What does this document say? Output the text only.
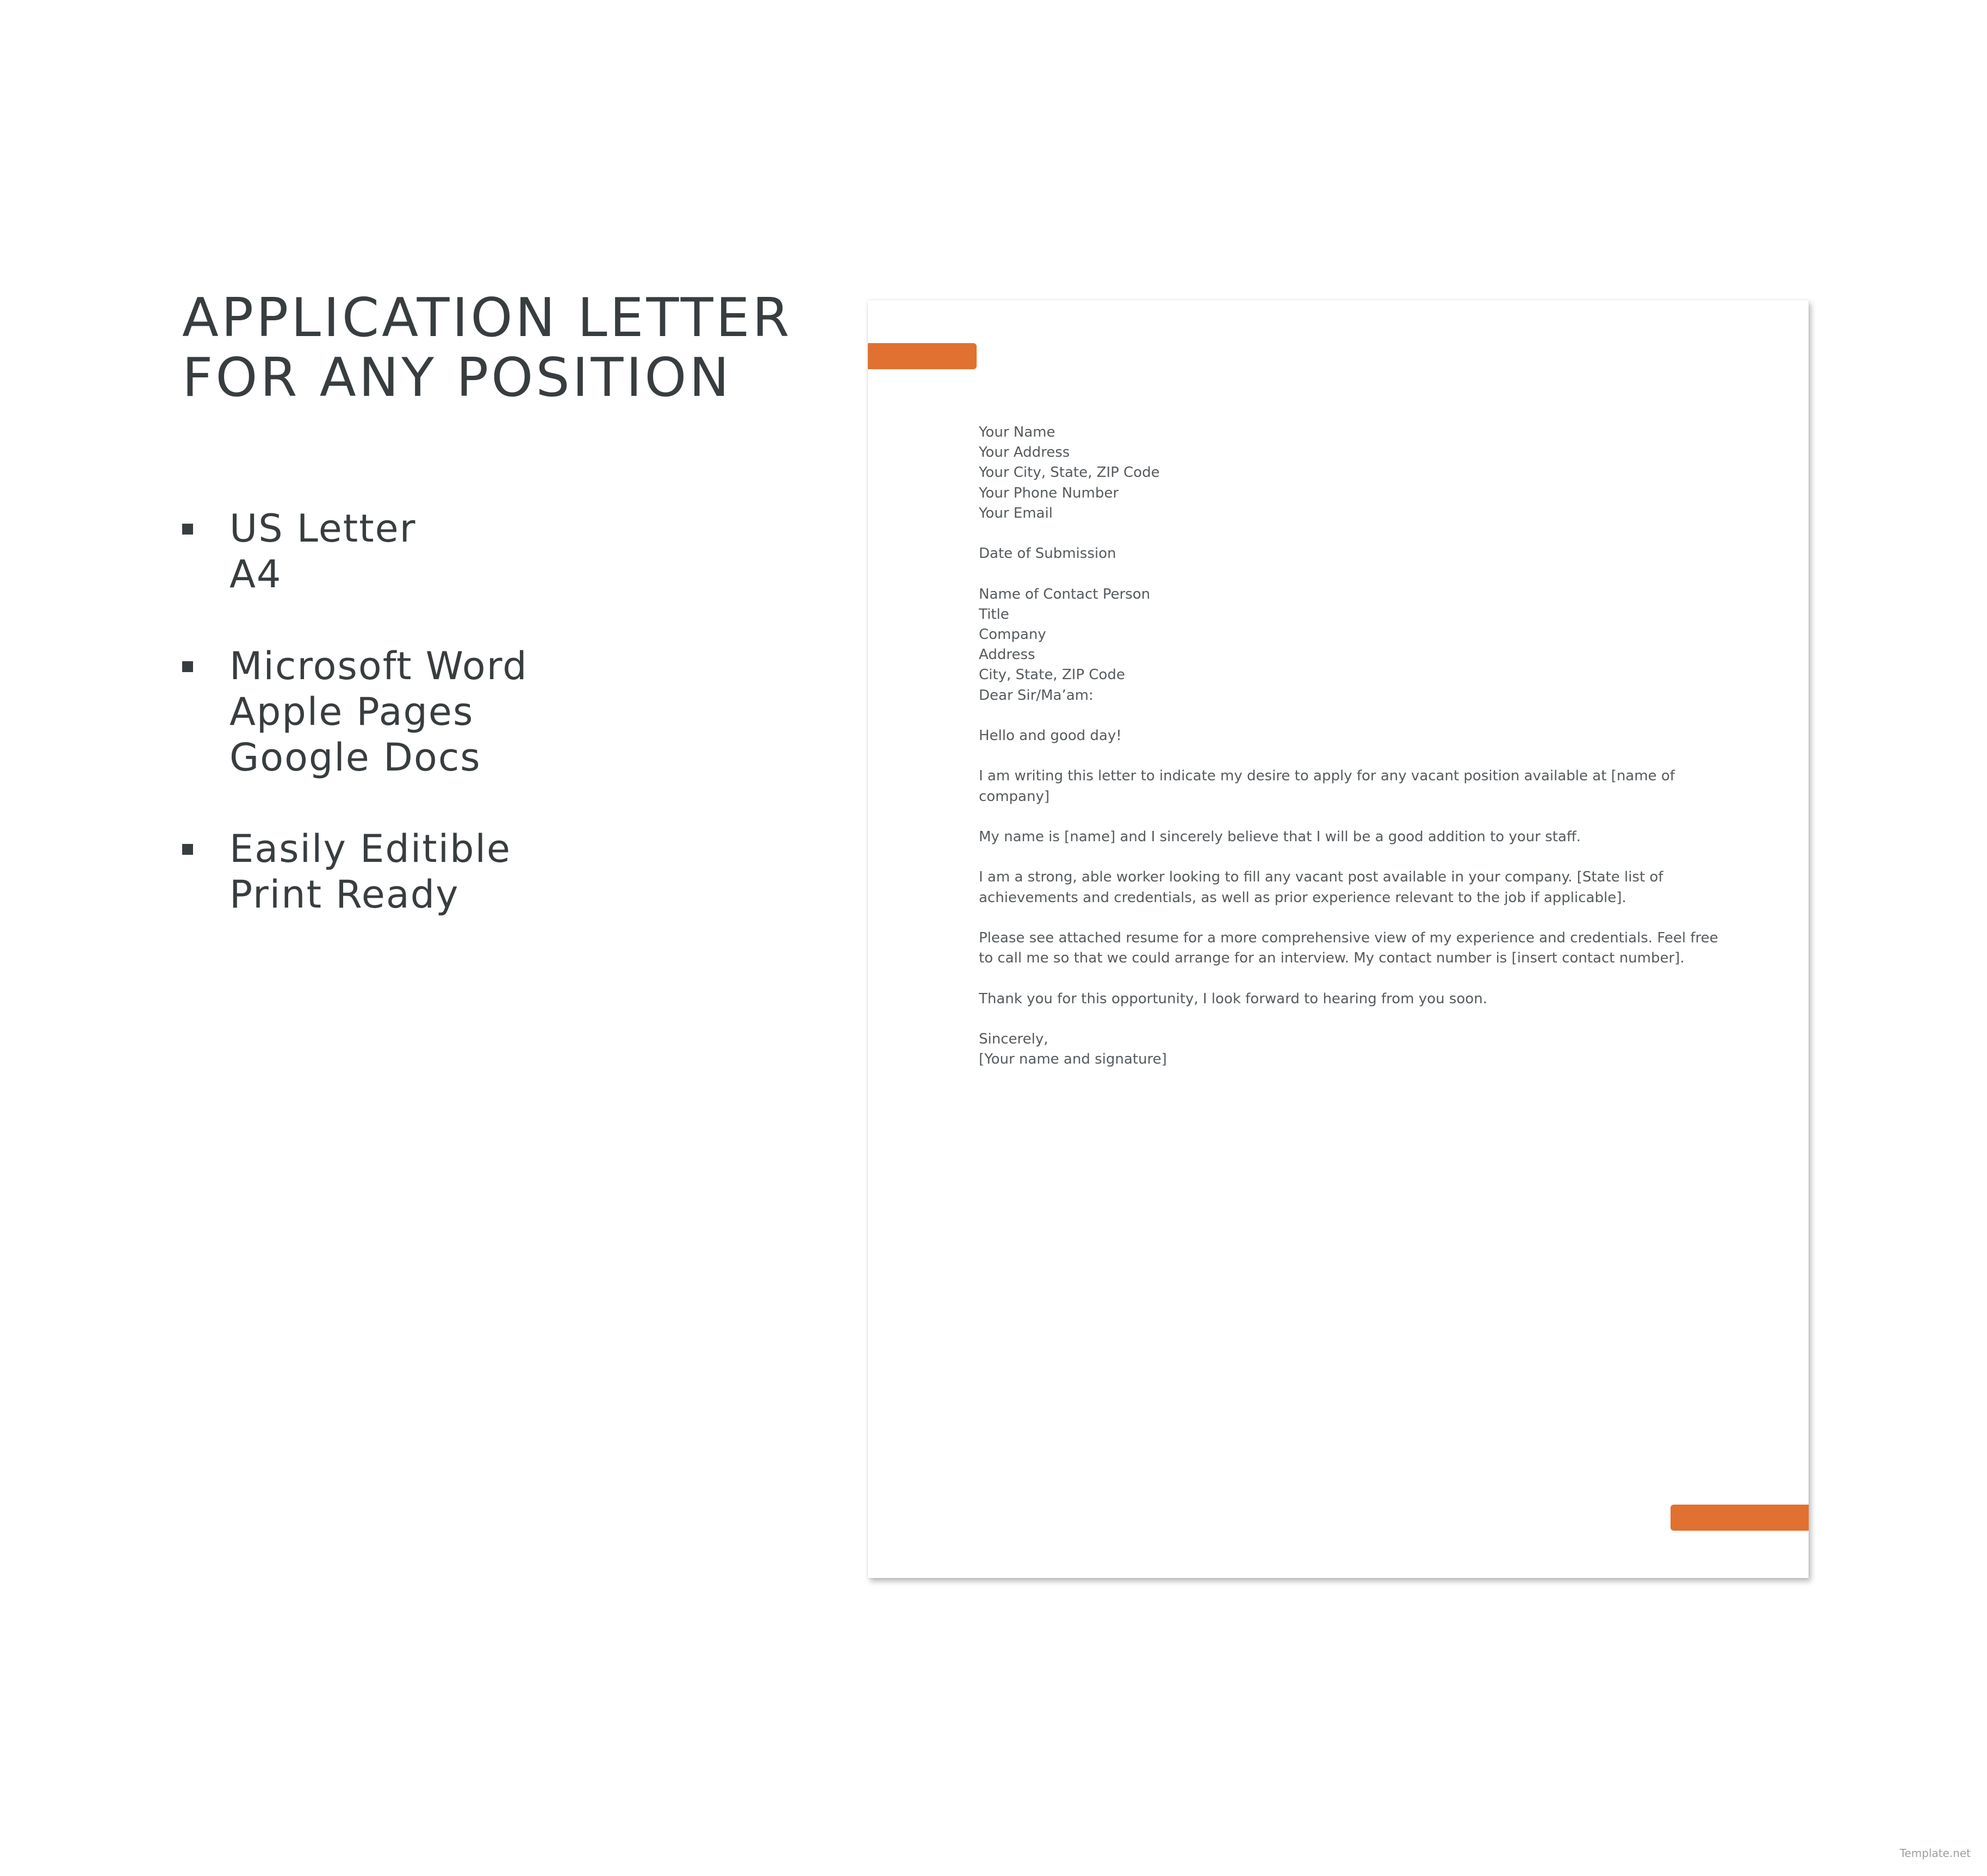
APPLICATION LETTER
FOR ANY POSITION
US Letter
A4
Microsoft Word
Apple Pages
Google Docs
Easily Editible
Print Ready

Your Name
Your Address
Your City, State, ZIP Code
Your Phone Number
Your Email

Date of Submission

Name of Contact Person
Title
Company
Address
City, State, ZIP Code
Dear Sir/Ma’am:

Hello and good day!

I am writing this letter to indicate my desire to apply for any vacant position available at [name of company]

My name is [name] and I sincerely believe that I will be a good addition to your staff.

I am a strong, able worker looking to fill any vacant post available in your company. [State list of achievements and credentials, as well as prior experience relevant to the job if applicable].

Please see attached resume for a more comprehensive view of my experience and credentials. Feel free to call me so that we could arrange for an interview. My contact number is [insert contact number].

Thank you for this opportunity, I look forward to hearing from you soon.

Sincerely,
[Your name and signature]

Template.net
